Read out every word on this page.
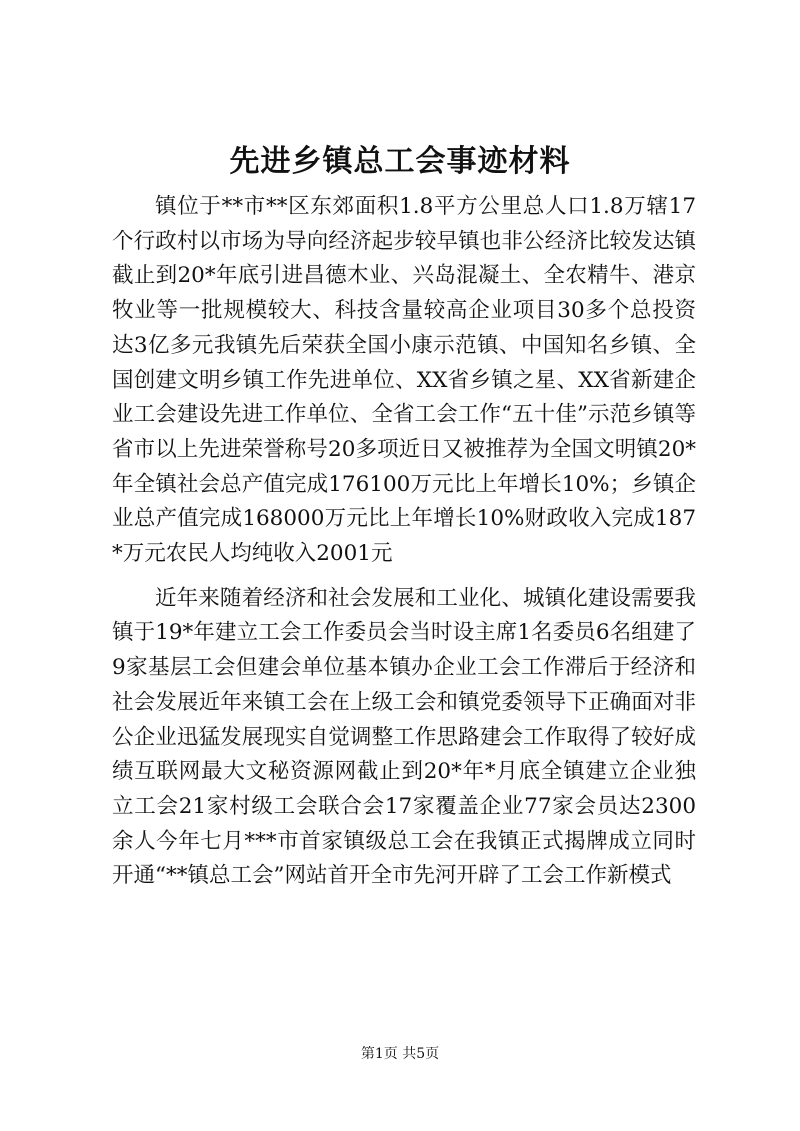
先进乡镇总工会事迹材料

镇位于**市**区东郊面积1.8平方公里总人口1.8万辖17个行政村以市场为导向经济起步较早镇也非公经济比较发达镇截止到20*年底引进昌德木业、兴岛混凝土、全农精牛、港京牧业等一批规模较大、科技含量较高企业项目30多个总投资达3亿多元我镇先后荣获全国小康示范镇、中国知名乡镇、全国创建文明乡镇工作先进单位、XX省乡镇之星、XX省新建企业工会建设先进工作单位、全省工会工作“五十佳”示范乡镇等省市以上先进荣誉称号20多项近日又被推荐为全国文明镇20*年全镇社会总产值完成176100万元比上年增长10%；乡镇企业总产值完成168000万元比上年增长10%财政收入完成187*万元农民人均纯收入2001元

近年来随着经济和社会发展和工业化、城镇化建设需要我镇于19*年建立工会工作委员会当时设主席1名委员6名组建了9家基层工会但建会单位基本镇办企业工会工作滞后于经济和社会发展近年来镇工会在上级工会和镇党委领导下正确面对非公企业迅猛发展现实自觉调整工作思路建会工作取得了较好成绩互联网最大文秘资源网截止到20*年*月底全镇建立企业独立工会21家村级工会联合会17家覆盖企业77家会员达2300余人今年七月***市首家镇级总工会在我镇正式揭牌成立同时开通“**镇总工会”网站首开全市先河开辟了工会工作新模式

第1页 共5页
